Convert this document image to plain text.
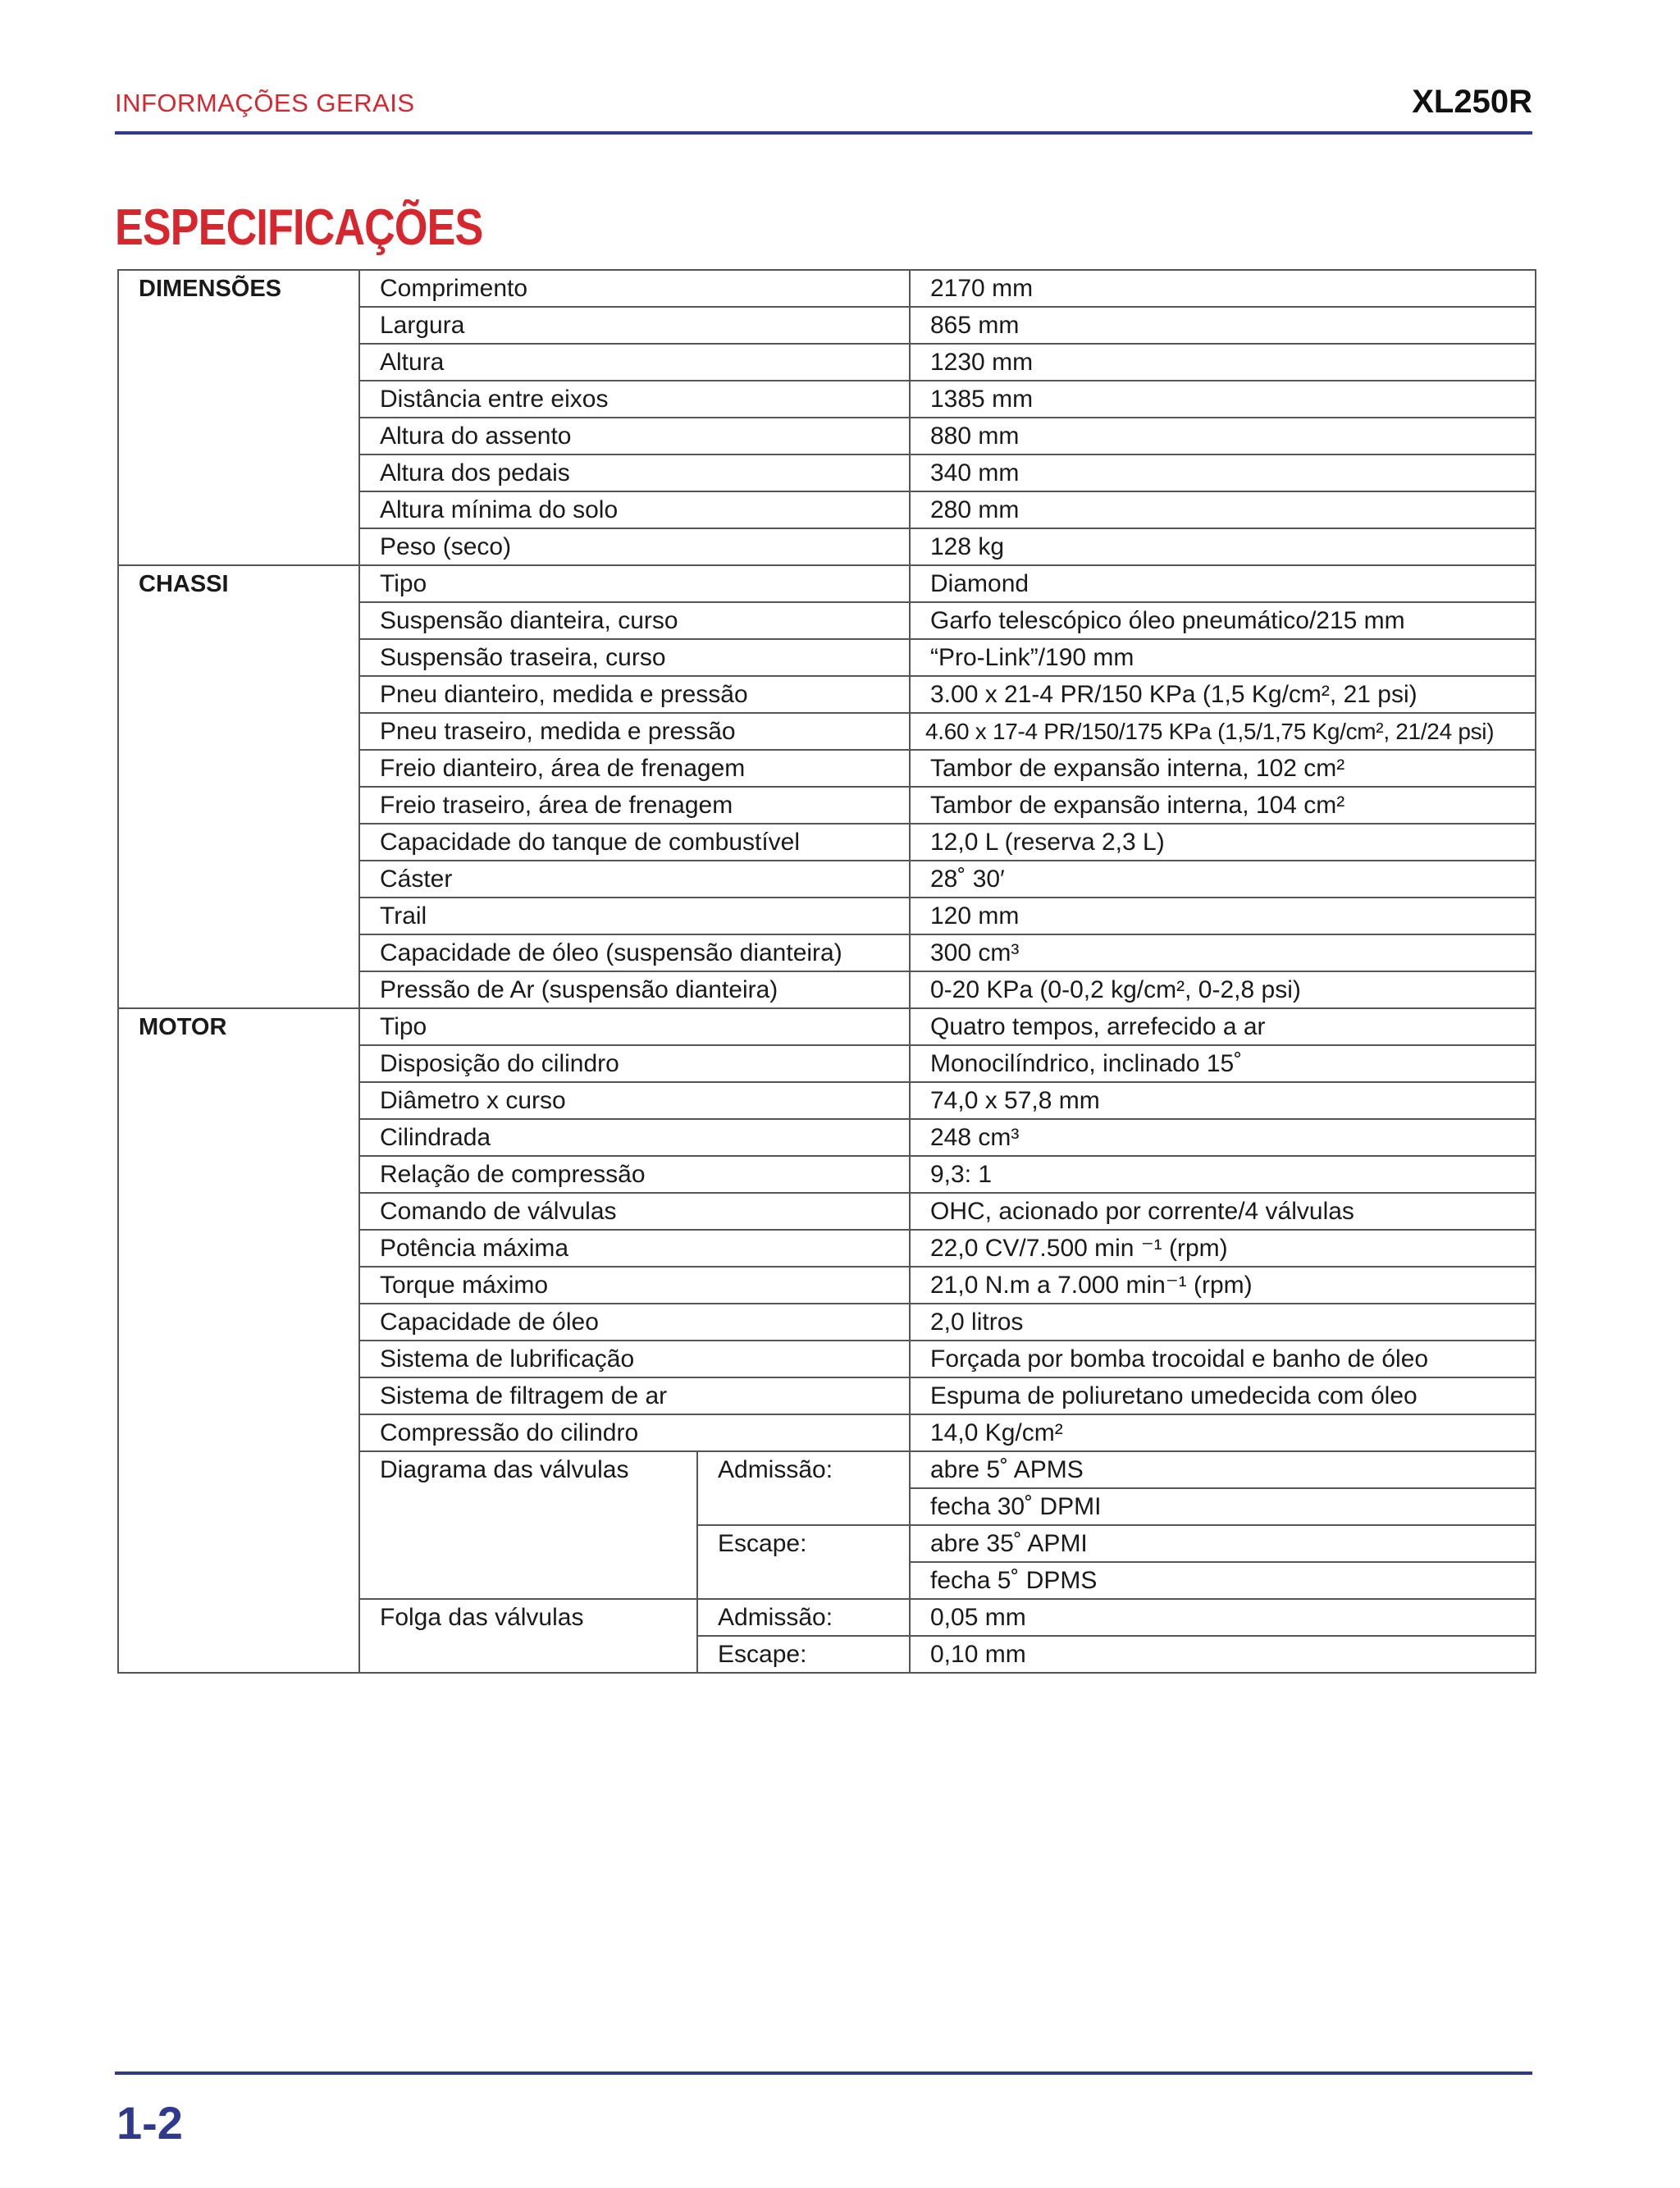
INFORMAÇÕES GERAIS	XL250R
ESPECIFICAÇÕES
DIMENSÕES	Comprimento		2170 mm
	Largura		865 mm
	Altura		1230 mm
	Distância entre eixos		1385 mm
	Altura do assento		880 mm
	Altura dos pedais		340 mm
	Altura mínima do solo		280 mm
	Peso (seco)		128 kg
CHASSI	Tipo		Diamond
	Suspensão dianteira, curso		Garfo telescópico óleo pneumático/215 mm
	Suspensão traseira, curso		“Pro-Link”/190 mm
	Pneu dianteiro, medida e pressão		3.00 x 21-4 PR/150 KPa (1,5 Kg/cm², 21 psi)
	Pneu traseiro, medida e pressão		4.60 x 17-4 PR/150/175 KPa (1,5/1,75 Kg/cm², 21/24 psi)
	Freio dianteiro, área de frenagem		Tambor de expansão interna, 102 cm²
	Freio traseiro, área de frenagem		Tambor de expansão interna, 104 cm²
	Capacidade do tanque de combustível		12,0 L (reserva 2,3 L)
	Cáster		28˚ 30′
	Trail		120 mm
	Capacidade de óleo (suspensão dianteira)		300 cm³
	Pressão de Ar (suspensão dianteira)		0-20 KPa (0-0,2 kg/cm², 0-2,8 psi)
MOTOR	Tipo		Quatro tempos, arrefecido a ar
	Disposição do cilindro		Monocilíndrico, inclinado 15˚
	Diâmetro x curso		74,0 x 57,8 mm
	Cilindrada		248 cm³
	Relação de compressão		9,3: 1
	Comando de válvulas		OHC, acionado por corrente/4 válvulas
	Potência máxima		22,0 CV/7.500 min ⁻¹ (rpm)
	Torque máximo		21,0 N.m a 7.000 min⁻¹ (rpm)
	Capacidade de óleo		2,0 litros
	Sistema de lubrificação		Forçada por bomba trocoidal e banho de óleo
	Sistema de filtragem de ar		Espuma de poliuretano umedecida com óleo
	Compressão do cilindro		14,0 Kg/cm²
	Diagrama das válvulas	Admissão:	abre 5˚ APMS
			fecha 30˚ DPMI
		Escape:	abre 35˚ APMI
			fecha 5˚ DPMS
	Folga das válvulas	Admissão:	0,05 mm
		Escape:	0,10 mm
1-2
